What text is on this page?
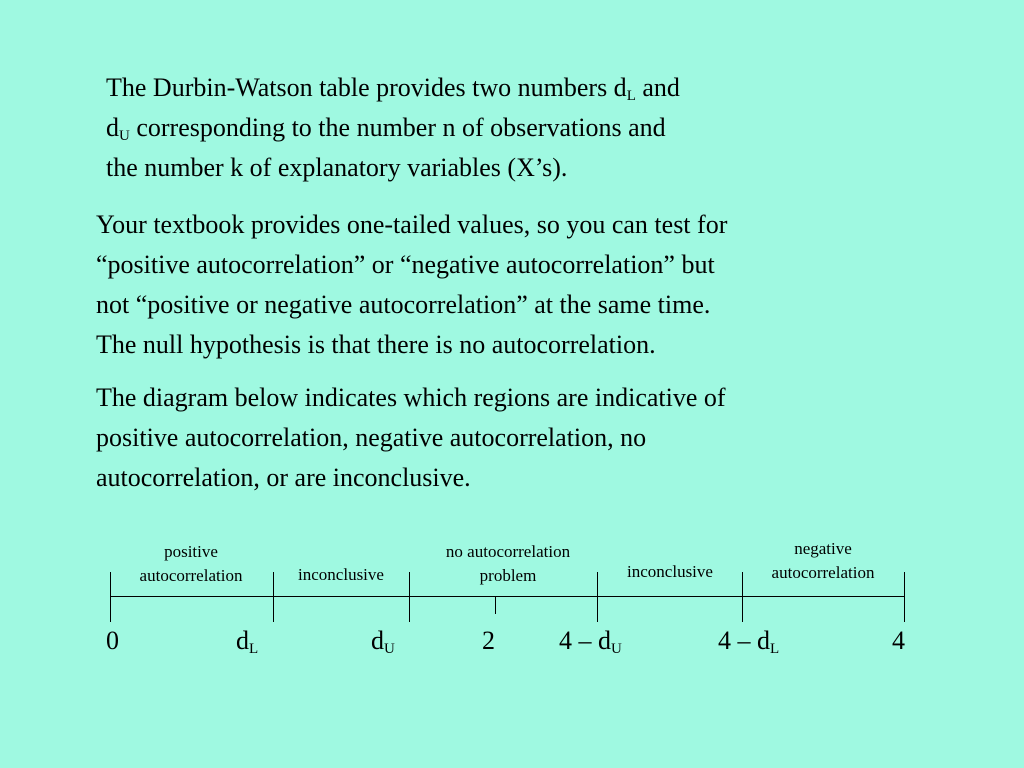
The Durbin-Watson table provides two numbers $d_L$ and
$d_U$ corresponding to the number n of observations and
the number k of explanatory variables (X’s).

Your textbook provides one-tailed values, so you can test for
“positive autocorrelation” or “negative autocorrelation” but
not “positive or negative autocorrelation” at the same time.
The null hypothesis is that there is no autocorrelation.

The diagram below indicates which regions are indicative of
positive autocorrelation, negative autocorrelation, no
autocorrelation, or are inconclusive.

positive
autocorrelation	inconclusive
no autocorrelation
problem	inconclusive
negative
autocorrelation
0	$d_L$	$d_U$	2 $4 - d_U$	$4 - d_L$	4
